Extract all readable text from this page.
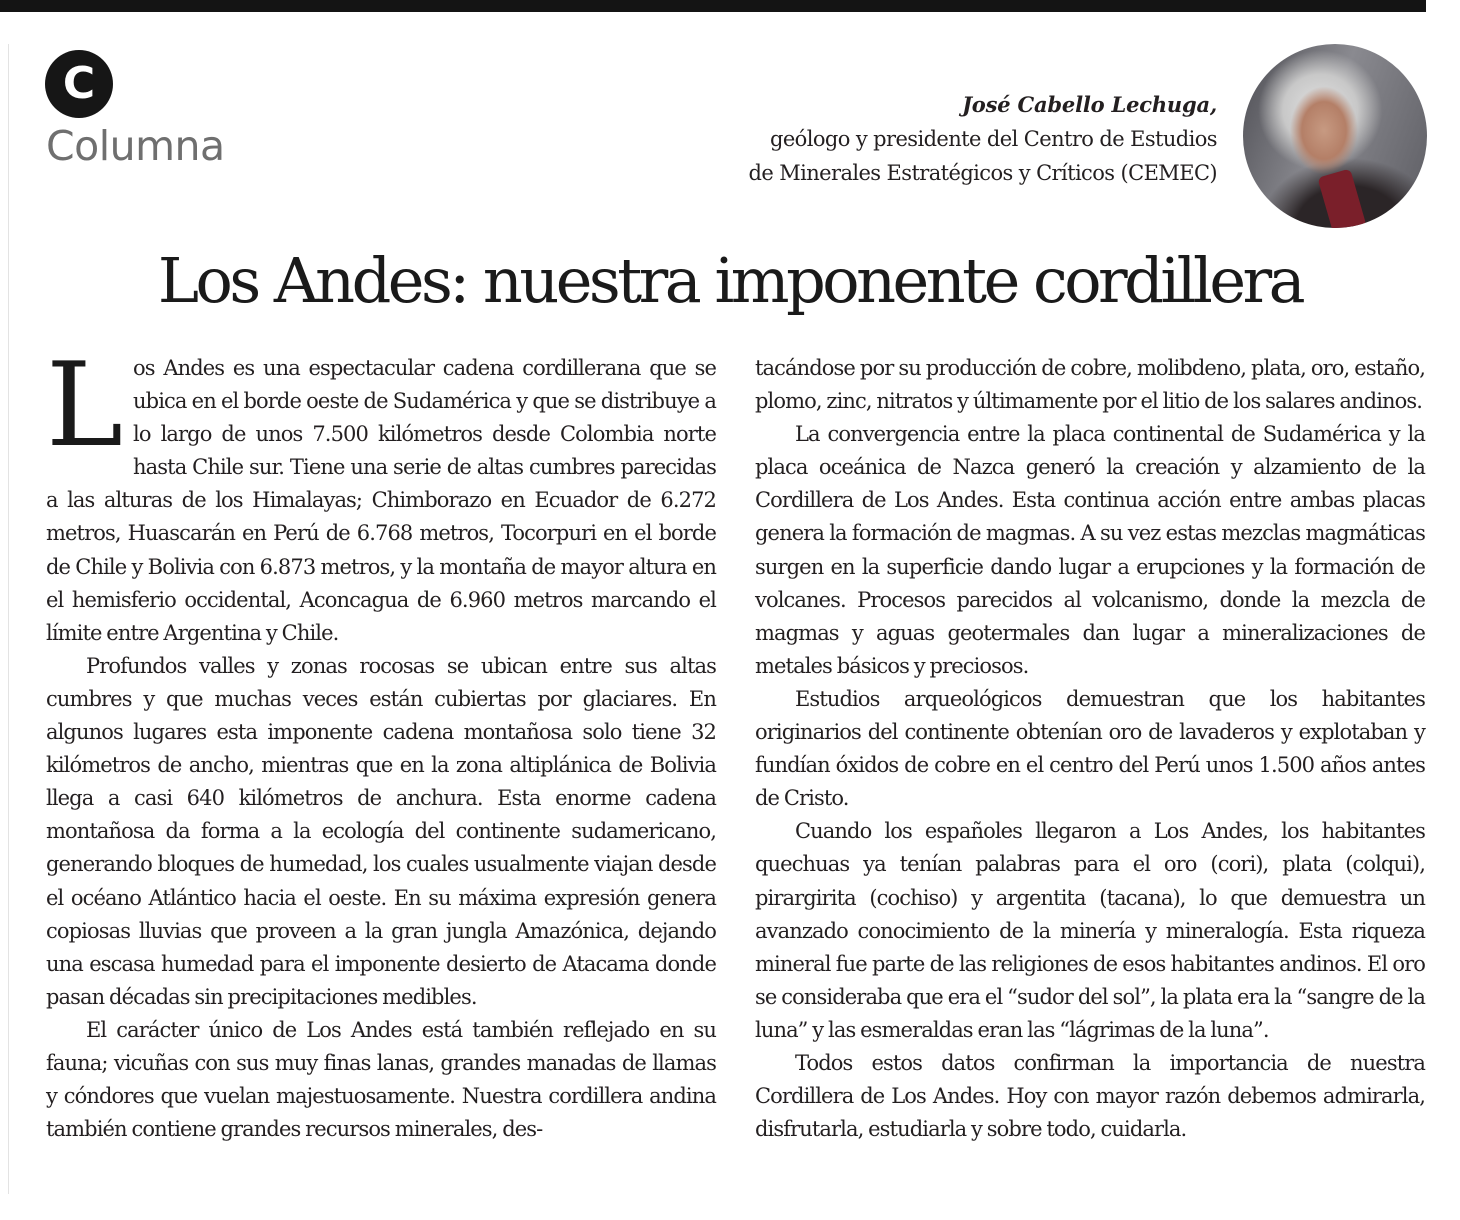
C
Columna
José Cabello Lechuga,
geólogo y presidente del Centro de Estudios
de Minerales Estratégicos y Críticos (CEMEC)
Los Andes: nuestra imponente cordillera

Los Andes es una espectacular cadena cordillerana que se ubica en el borde oeste de Sudamérica y que se distribuye a lo largo de unos 7.500 kilómetros desde Colombia norte hasta Chile sur. Tiene una serie de altas cumbres parecidas a las alturas de los Himalayas; Chimborazo en Ecuador de 6.272 metros, Huascarán en Perú de 6.768 metros, Tocorpuri en el borde de Chile y Bolivia con 6.873 metros, y la montaña de mayor altura en el hemisferio occidental, Aconcagua de 6.960 metros marcando el límite entre Argentina y Chile.

Profundos valles y zonas rocosas se ubican entre sus altas cumbres y que muchas veces están cubiertas por glaciares. En algunos lugares esta imponente cadena montañosa solo tiene 32 kilómetros de ancho, mientras que en la zona altiplánica de Bolivia llega a casi 640 kilómetros de anchura. Esta enorme cadena montañosa da forma a la ecología del continente sudamericano, generando bloques de humedad, los cuales usualmente viajan desde el océano Atlántico hacia el oeste. En su máxima expresión genera copiosas lluvias que proveen a la gran jungla Amazónica, dejando una escasa humedad para el imponente desierto de Atacama donde pasan décadas sin precipitaciones medibles.

El carácter único de Los Andes está también reflejado en su fauna; vicuñas con sus muy finas lanas, grandes manadas de llamas y cóndores que vuelan majestuosamente. Nuestra cordillera andina también contiene grandes recursos minerales, des-

tacándose por su producción de cobre, molibdeno, plata, oro, estaño, plomo, zinc, nitratos y últimamente por el litio de los salares andinos.

La convergencia entre la placa continental de Sudamérica y la placa oceánica de Nazca generó la creación y alzamiento de la Cordillera de Los Andes. Esta continua acción entre ambas placas genera la formación de magmas. A su vez estas mezclas magmáticas surgen en la superficie dando lugar a erupciones y la formación de volcanes. Procesos parecidos al volcanismo, donde la mezcla de magmas y aguas geotermales dan lugar a mineralizaciones de metales básicos y preciosos.

Estudios arqueológicos demuestran que los habitantes originarios del continente obtenían oro de lavaderos y explotaban y fundían óxidos de cobre en el centro del Perú unos 1.500 años antes de Cristo.

Cuando los españoles llegaron a Los Andes, los habitantes quechuas ya tenían palabras para el oro (cori), plata (colqui), pirargirita (cochiso) y argentita (tacana), lo que demuestra un avanzado conocimiento de la minería y mineralogía. Esta riqueza mineral fue parte de las religiones de esos habitantes andinos. El oro se consideraba que era el “sudor del sol”, la plata era la “sangre de la luna” y las esmeraldas eran las “lágrimas de la luna”.

Todos estos datos confirman la importancia de nuestra Cordillera de Los Andes. Hoy con mayor razón debemos admirarla, disfrutarla, estudiarla y sobre todo, cuidarla.
